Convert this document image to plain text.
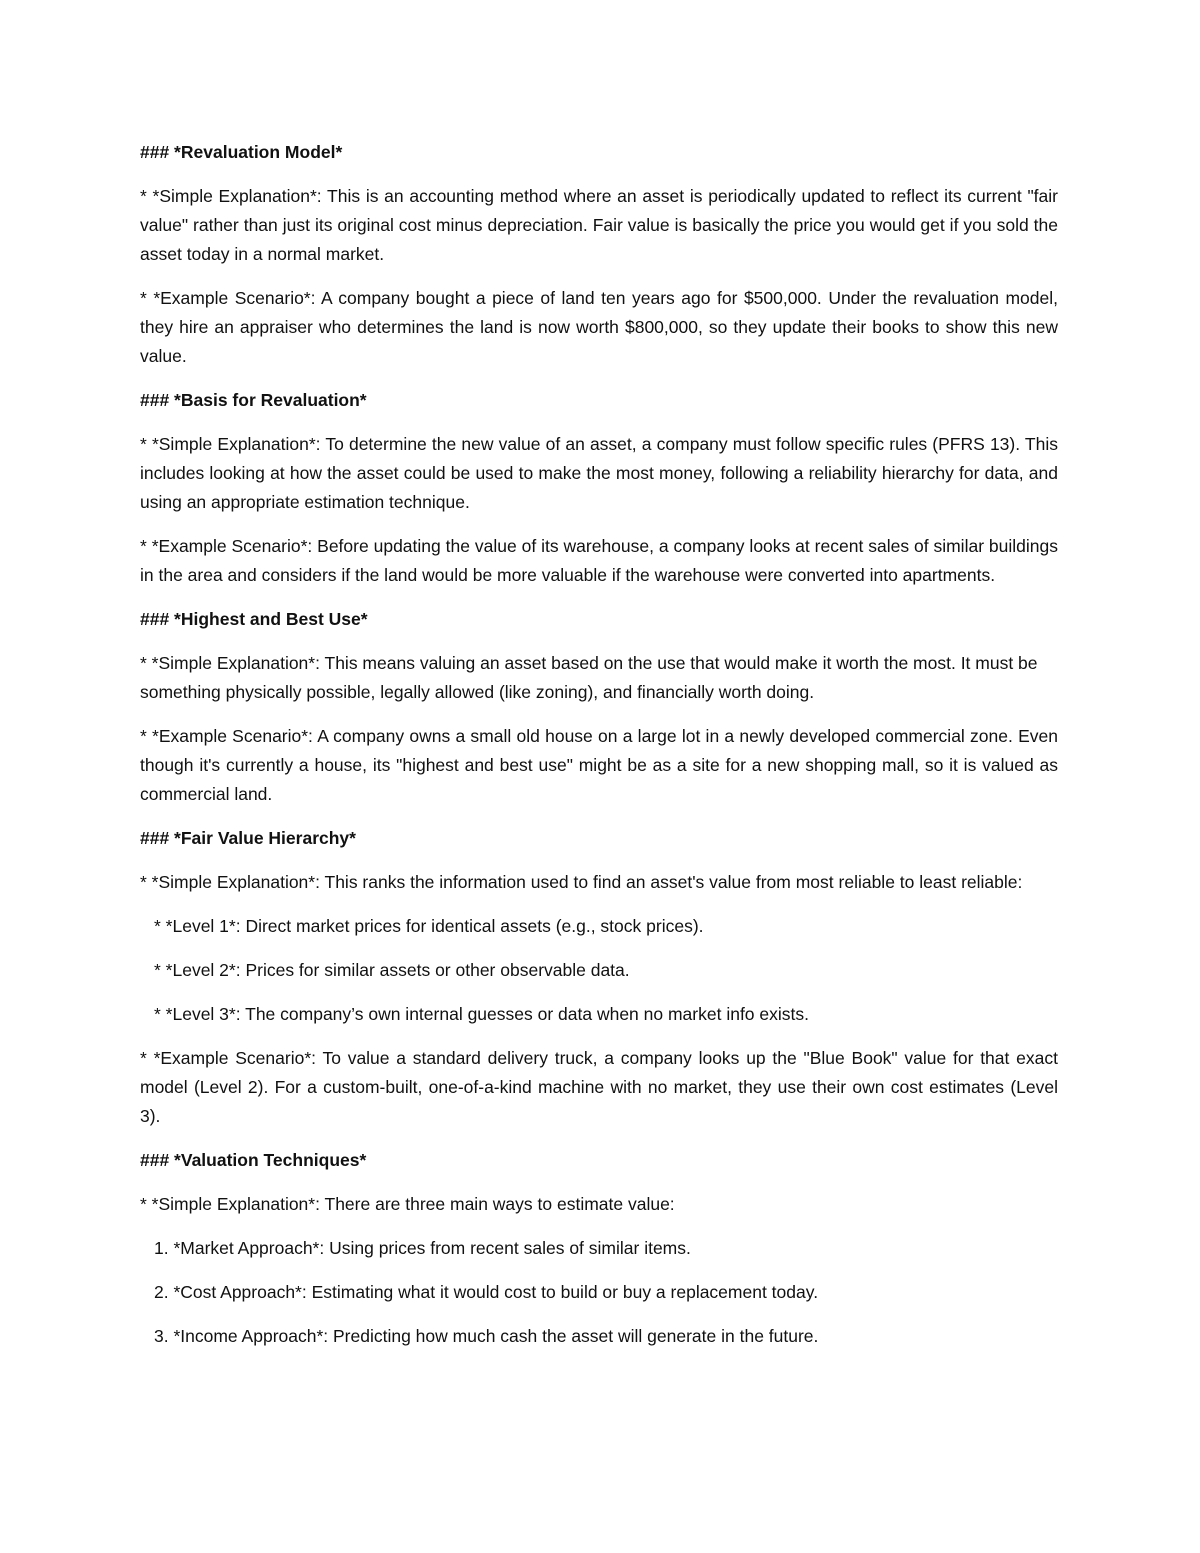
### *Revaluation Model*

* *Simple Explanation*: This is an accounting method where an asset is periodically updated to reflect its current "fair value" rather than just its original cost minus depreciation. Fair value is basically the price you would get if you sold the asset today in a normal market.

* *Example Scenario*: A company bought a piece of land ten years ago for $500,000. Under the revaluation model, they hire an appraiser who determines the land is now worth $800,000, so they update their books to show this new value.

### *Basis for Revaluation*

* *Simple Explanation*: To determine the new value of an asset, a company must follow specific rules (PFRS 13). This includes looking at how the asset could be used to make the most money, following a reliability hierarchy for data, and using an appropriate estimation technique.

* *Example Scenario*: Before updating the value of its warehouse, a company looks at recent sales of similar buildings in the area and considers if the land would be more valuable if the warehouse were converted into apartments.

### *Highest and Best Use*

* *Simple Explanation*: This means valuing an asset based on the use that would make it worth the most. It must be something physically possible, legally allowed (like zoning), and financially worth doing.

* *Example Scenario*: A company owns a small old house on a large lot in a newly developed commercial zone. Even though it's currently a house, its "highest and best use" might be as a site for a new shopping mall, so it is valued as commercial land.

### *Fair Value Hierarchy*

* *Simple Explanation*: This ranks the information used to find an asset's value from most reliable to least reliable:

* *Level 1*: Direct market prices for identical assets (e.g., stock prices).

* *Level 2*: Prices for similar assets or other observable data.

* *Level 3*: The company’s own internal guesses or data when no market info exists.

* *Example Scenario*: To value a standard delivery truck, a company looks up the "Blue Book" value for that exact model (Level 2). For a custom-built, one-of-a-kind machine with no market, they use their own cost estimates (Level 3).

### *Valuation Techniques*

* *Simple Explanation*: There are three main ways to estimate value:

1. *Market Approach*: Using prices from recent sales of similar items.

2. *Cost Approach*: Estimating what it would cost to build or buy a replacement today.

3. *Income Approach*: Predicting how much cash the asset will generate in the future.
